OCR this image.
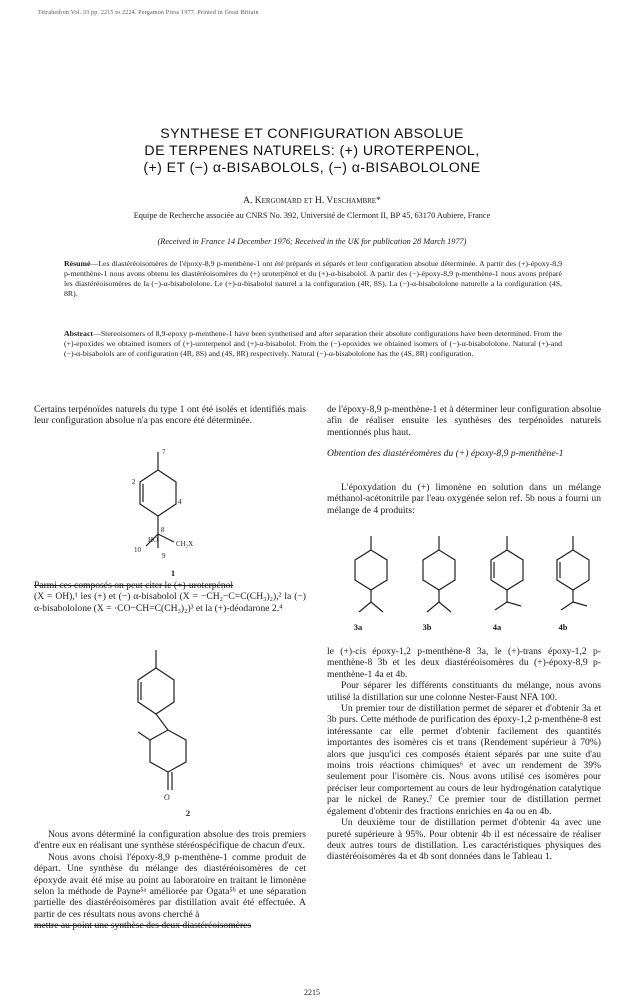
Tetrahedron Vol. 33 pp. 2215 to 2224. Pergamon Press 1977. Printed in Great Britain
SYNTHESE ET CONFIGURATION ABSOLUE
DE TERPENES NATURELS: (+) UROTERPENOL,
(+) ET (−) α-BISABOLOLS, (−) α-BISABOLOLONE
A. Kergomard et H. Veschambre*
Equipe de Recherche associée au CNRS No. 392, Université de Clermont II, BP 45, 63170 Aubiere, France
(Received in France 14 December 1976; Received in the UK for publication 28 March 1977)
Résumé—Les diastéréoisomères de l'époxy-8,9 p-menthène-1 ont été préparés et séparés et leur configuration absolue déterminée. A partir des (+)-époxy-8,9 p-menthène-1 nous avons obtenu les diastéréoisomères du (+) uroterpénol et du (+)-α-bisabolol. A partir des (−)-époxy-8,9 p-menthène-1 nous avons préparé les diastéréoisomères de la (−)-α-bisabololone. Le (+)-α-bisabolol naturel a la configuration (4R, 8S). La (−)-α-bisabololone naturelle a la configuration (4S, 8R).
Abstract—Stereoisomers of 8,9-epoxy p-menthene-1 have been synthetised and after separation their absolute configurations have been determined. From the (+)-epoxides we obtained isomers of (+)-uroterpenol and (+)-α-bisabolol. From the (−)-epoxides we obtained isomers of (−)-α-bisabololone. Natural (+)-and (−)-α-bisabolols are of configuration (4R, 8S) and (4S, 8R) respectively. Natural (−)-α-bisabololone has the (4S, 8R) configuration.
Certains terpénoïdes naturels du type 1 ont été isolés et identifiés mais leur configuration absolue n'a pas encore été déterminée.
7
2
4
8
10
CH₂X
9
HO
1

Parmi ces composés on peut citer le (+)-uroterpénol

(X = OH),¹ les (+) et (−) α-bisabolol (X = −CH₂−C=C(CH₃)₂),² la (−) α-bisabololone (X = ·CO−CH=C(CH₃)₂)³ et la (+)-déodarone 2.⁴

O
2

Nous avons déterminé la configuration absolue des trois premiers d'entre eux en réalisant une synthèse stéréospécifique de chacun d'eux.

Nous avons choisi l'époxy-8,9 p-menthène-1 comme produit de départ. Une synthèse du mélange des diastéréoisomères de cet époxyde avait été mise au point au laboratoire en traitant le limonène selon la méthode de Payne⁵ᵃ amélioréе par Ogata⁵ᵇ et une séparation partielle des diastéréoisomères par distillation avait été effectuée. A partir de ces résultats nous avons cherché à

mettre au point une synthèse des deux diastéréoisomères

de l'époxy-8,9 p-menthène-1 et à déterminer leur configuration absolue afin de réaliser ensuite les synthèses des terpénoïdes naturels mentionnés plus haut.
Obtention des diastéréomères du (+) époxy-8,9 p-menthène-1

L'époxydation du (+) limonène en solution dans un mélange méthanol-acétonitrile par l'eau oxygénée selon ref. 5b nous a fourni un mélange de 4 produits:

3a	3b	4a	4b

le (+)-cis époxy-1,2 p-menthène-8 3a, le (+)-trans époxy-1,2 p-menthène-8 3b et les deux diastéréoisomères du (+)-époxy-8,9 p-menthène-1 4a et 4b.

Pour séparer les différents constituants du mélange, nous avons utilisé la distillation sur une colonne Nester-Faust NFA 100.

Un premier tour de distillation permet de séparer et d'obtenir 3a et 3b purs. Cette méthode de purification des époxy-1,2 p-menthène-8 est intéressante car elle permet d'obtenir facilement des quantités importantes des isomères cis et trans (Rendement supérieur à 70%) alors que jusqu'ici ces composés étaient séparés par une suite d'au moins trois réactions chimiques⁶ et avec un rendement de 39% seulement pour l'isomère cis. Nous avons utilisé ces isomères pour préciser leur comportement au cours de leur hydrogénation catalytique par le nickel de Raney.⁷ Ce premier tour de distillation permet également d'obtenir des fractions enrichies en 4a ou en 4b.

Un deuxième tour de distillation permet d'obtenir 4a avec une pureté supérieure à 95%. Pour obtenir 4b il est nécessaire de réaliser deux autres tours de distillation. Les caractéristiques physiques des diastéréoisomères 4a et 4b sont données dans le Tableau 1.

2215
